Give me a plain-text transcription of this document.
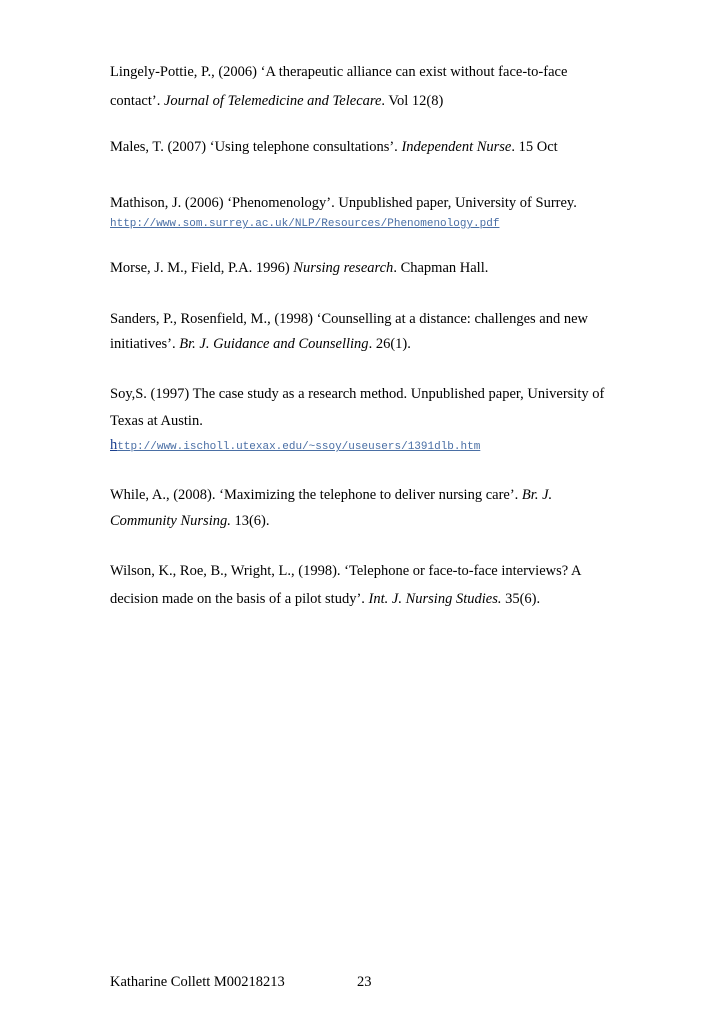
Lingely-Pottie, P., (2006) ‘A therapeutic alliance can exist without face-to-face
contact’. Journal of Telemedicine and Telecare. Vol 12(8)
Males, T. (2007) ‘Using telephone consultations’. Independent Nurse. 15 Oct
Mathison, J. (2006) ‘Phenomenology’. Unpublished paper, University of Surrey.
http://www.som.surrey.ac.uk/NLP/Resources/Phenomenology.pdf
Morse, J. M., Field, P.A. 1996) Nursing research. Chapman Hall.
Sanders, P., Rosenfield, M., (1998) ‘Counselling at a distance: challenges and new
initiatives’. Br. J. Guidance and Counselling. 26(1).
Soy,S. (1997) The case study as a research method. Unpublished paper, University of
Texas at Austin.
http://www.ischoll.utexax.edu/~ssoy/useusers/1391dlb.htm
While, A., (2008). ‘Maximizing the telephone to deliver nursing care’. Br. J.
Community Nursing. 13(6).
Wilson, K., Roe, B., Wright, L., (1998). ‘Telephone or face-to-face interviews? A
decision made on the basis of a pilot study’. Int. J. Nursing Studies. 35(6).
Katharine Collett M00218213	23
